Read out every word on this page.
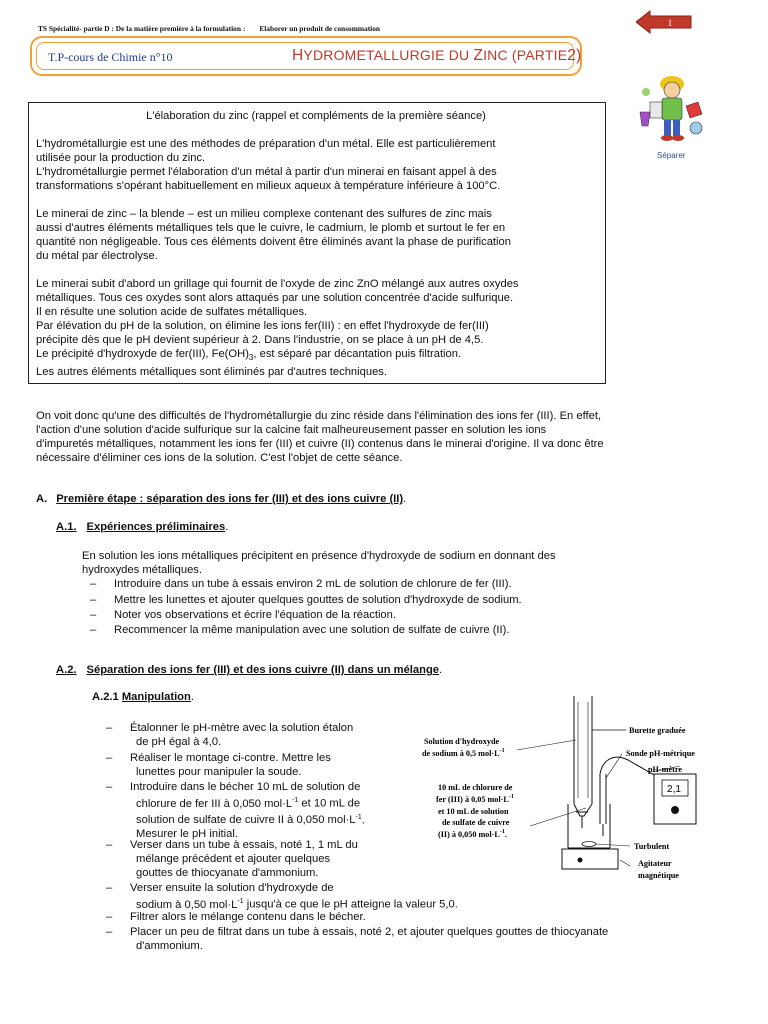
TS Spécialité- partie D : De la matière première à la formulation : Elaborer un produit de consommation
1
T.P-cours de Chimie n°10	HYDROMETALLURGIE DU ZINC (PARTIE2)
Séparer
L'élaboration du zinc (rappel et compléments de la première séance)
L'hydrométallurgie est une des méthodes de préparation d'un métal. Elle est particulièrement
utilisée pour la production du zinc.
L'hydrométallurgie permet l'élaboration d'un métal à partir d'un minerai en faisant appel à des
transformations s'opérant habituellement en milieux aqueux à température inférieure à 100°C.
Le minerai de zinc – la blende – est un milieu complexe contenant des sulfures de zinc mais
aussi d'autres éléments métalliques tels que le cuivre, le cadmium, le plomb et surtout le fer en
quantité non négligeable. Tous ces éléments doivent être éliminés avant la phase de purification
du métal par électrolyse.
Le minerai subit d'abord un grillage qui fournit de l'oxyde de zinc ZnO mélangé aux autres oxydes
métalliques. Tous ces oxydes sont alors attaqués par une solution concentrée d'acide sulfurique.
Il en résulte une solution acide de sulfates métalliques.
Par élévation du pH de la solution, on élimine les ions fer(III) : en effet l'hydroxyde de fer(III)
précipite dès que le pH devient supérieur à 2. Dans l'industrie, on se place à un pH de 4,5.
Le précipité d'hydroxyde de fer(III), $Fe(OH)_3$, est séparé par décantation puis filtration.
Les autres éléments métalliques sont éliminés par d'autres techniques.
On voit donc qu'une des difficultés de l'hydrométallurgie du zinc réside dans l'élimination des ions fer (III). En effet,
l'action d'une solution d'acide sulfurique sur la calcine fait malheureusement passer en solution les ions
d'impuretés métalliques, notamment les ions fer (III) et cuivre (II) contenus dans le minerai d'origine. Il va donc être
nécessaire d'éliminer ces ions de la solution. C'est l'objet de cette séance.
A. Première étape : séparation des ions fer (III) et des ions cuivre (II).
A.1. Expériences préliminaires.
En solution les ions métalliques précipitent en présence d'hydroxyde de sodium en donnant des
hydroxydes métalliques.
– Introduire dans un tube à essais environ 2 mL de solution de chlorure de fer (III).
– Mettre les lunettes et ajouter quelques gouttes de solution d'hydroxyde de sodium.
– Noter vos observations et écrire l'équation de la réaction.
– Recommencer la même manipulation avec une solution de sulfate de cuivre (II).
A.2. Séparation des ions fer (III) et des ions cuivre (II) dans un mélange.
A.2.1 Manipulation.
– Étalonner le pH-mètre avec la solution étalon
de pH égal à 4,0.
– Réaliser le montage ci-contre. Mettre les
lunettes pour manipuler la soude.
– Introduire dans le bécher 10 mL de solution de
chlorure de fer III à 0,050 $mol\cdot L^{-1}$ et 10 mL de
solution de sulfate de cuivre II à 0,050 $mol\cdot L^{-1}$.
Mesurer le pH initial.
– Verser dans un tube à essais, noté 1, 1 mL du
mélange précédent et ajouter quelques
gouttes de thiocyanate d'ammonium.
– Verser ensuite la solution d'hydroxyde de
sodium à 0,50 $mol\cdot L^{-1}$ jusqu'à ce que le pH atteigne la valeur 5,0.
– Filtrer alors le mélange contenu dans le bécher.
– Placer un peu de filtrat dans un tube à essais, noté 2, et ajouter quelques gouttes de thiocyanate
d'ammonium.
Burette graduée
Solution d'hydroxyde
de sodium à 0,5 $mol\cdot L^{-1}$	Sonde pH-métrique
pH-mètre
2,1
10 mL de chlorure de
fer (III) à 0,05 $mol\cdot L^{-1}$
et 10 mL de solution
de sulfate de cuivre
(II) à 0,050 $mol\cdot L^{-1}$.
Turbulent
Agitateur
magnétique
